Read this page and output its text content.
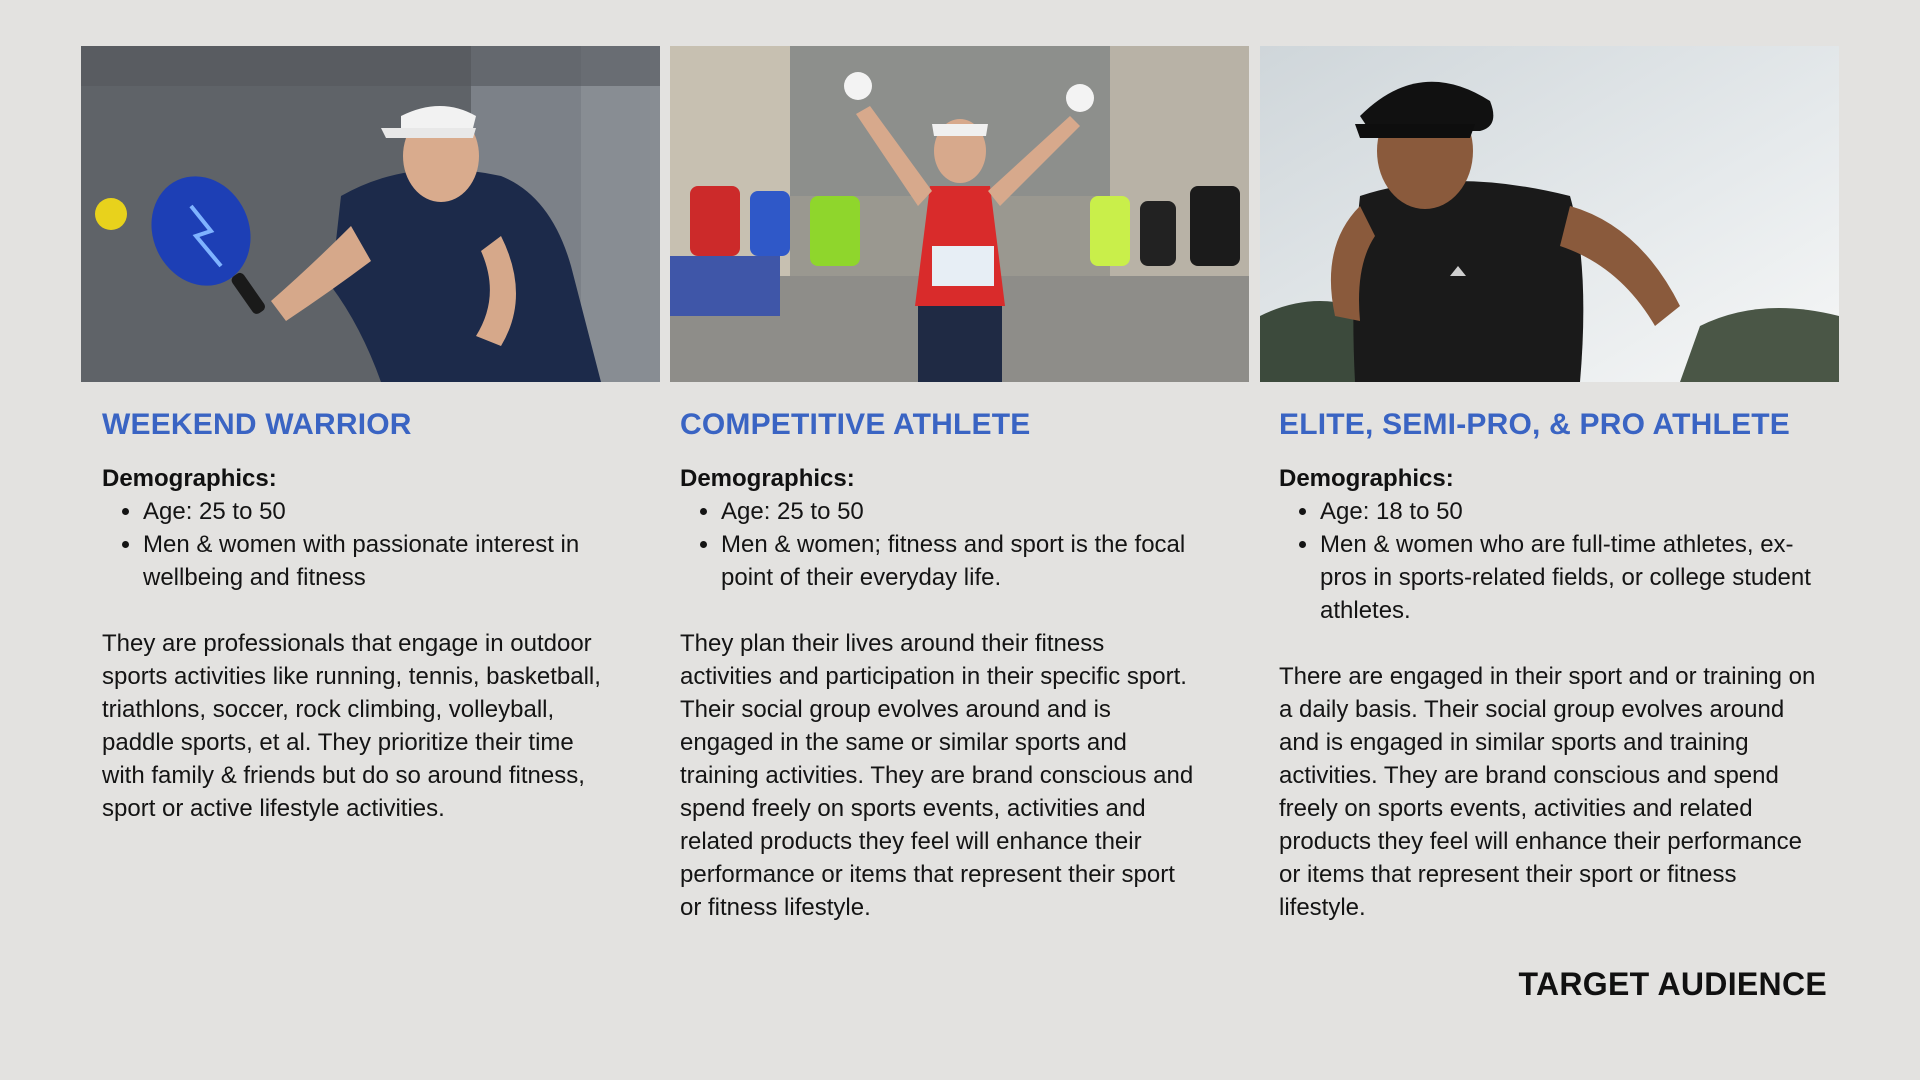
WEEKEND WARRIOR
Demographics:
• Age: 25 to 50
• Men & women with passionate interest in wellbeing and fitness

They are professionals that engage in outdoor sports activities like running, tennis, basketball, triathlons, soccer, rock climbing, volleyball, paddle sports, et al. They prioritize their time with family & friends but do so around fitness, sport or active lifestyle activities.

COMPETITIVE ATHLETE
Demographics:
• Age: 25 to 50
• Men & women; fitness and sport is the focal point of their everyday life.

They plan their lives around their fitness activities and participation in their specific sport. Their social group evolves around and is engaged in the same or similar sports and training activities. They are brand conscious and spend freely on sports events, activities and related products they feel will enhance their performance or items that represent their sport or fitness lifestyle.

ELITE, SEMI-PRO, & PRO ATHLETE
Demographics:
• Age: 18 to 50
• Men & women who are full-time athletes, ex-pros in sports-related fields, or college student athletes.

There are engaged in their sport and or training on a daily basis. Their social group evolves around and is engaged in similar sports and training activities. They are brand conscious and spend freely on sports events, activities and related products they feel will enhance their performance or items that represent their sport or fitness lifestyle.

TARGET AUDIENCE
